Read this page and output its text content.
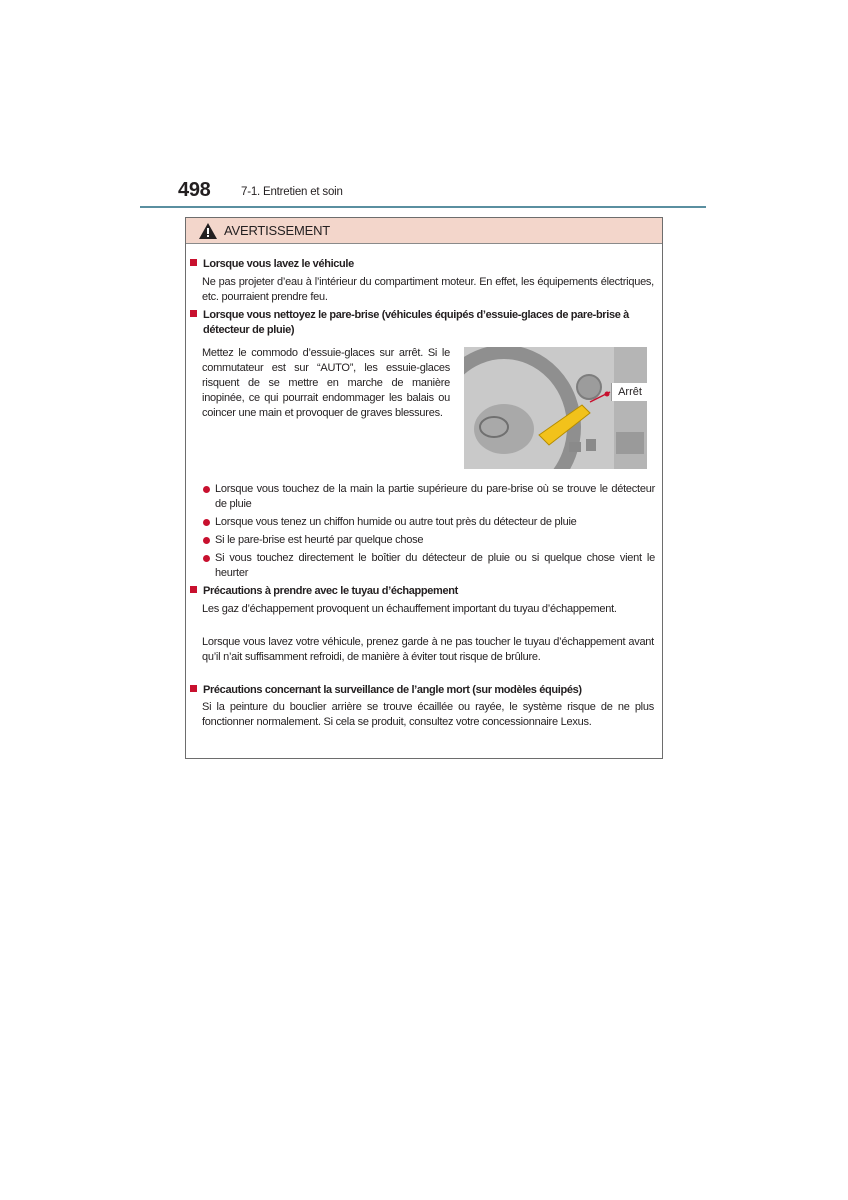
498	7-1. Entretien et soin
AVERTISSEMENT
Lorsque vous lavez le véhicule
Ne pas projeter d’eau à l’intérieur du compartiment moteur. En effet, les équipements électriques, etc. pourraient prendre feu.
Lorsque vous nettoyez le pare-brise (véhicules équipés d’essuie-glaces de pare-brise à détecteur de pluie)
Mettez le commodo d’essuie-glaces sur arrêt. Si le commutateur est sur “AUTO”, les essuie-glaces risquent de se mettre en marche de manière inopinée, ce qui pourrait endommager les balais ou coincer une main et provoquer de graves blessures.
Arrêt
Lorsque vous touchez de la main la partie supérieure du pare-brise où se trouve le détecteur de pluie
Lorsque vous tenez un chiffon humide ou autre tout près du détecteur de pluie
Si le pare-brise est heurté par quelque chose
Si vous touchez directement le boîtier du détecteur de pluie ou si quelque chose vient le heurter
Précautions à prendre avec le tuyau d’échappement
Les gaz d’échappement provoquent un échauffement important du tuyau d’échappement.
Lorsque vous lavez votre véhicule, prenez garde à ne pas toucher le tuyau d’échappement avant qu’il n’ait suffisamment refroidi, de manière à éviter tout risque de brûlure.
Précautions concernant la surveillance de l’angle mort (sur modèles équipés)
Si la peinture du bouclier arrière se trouve écaillée ou rayée, le système risque de ne plus fonctionner normalement. Si cela se produit, consultez votre concessionnaire Lexus.
